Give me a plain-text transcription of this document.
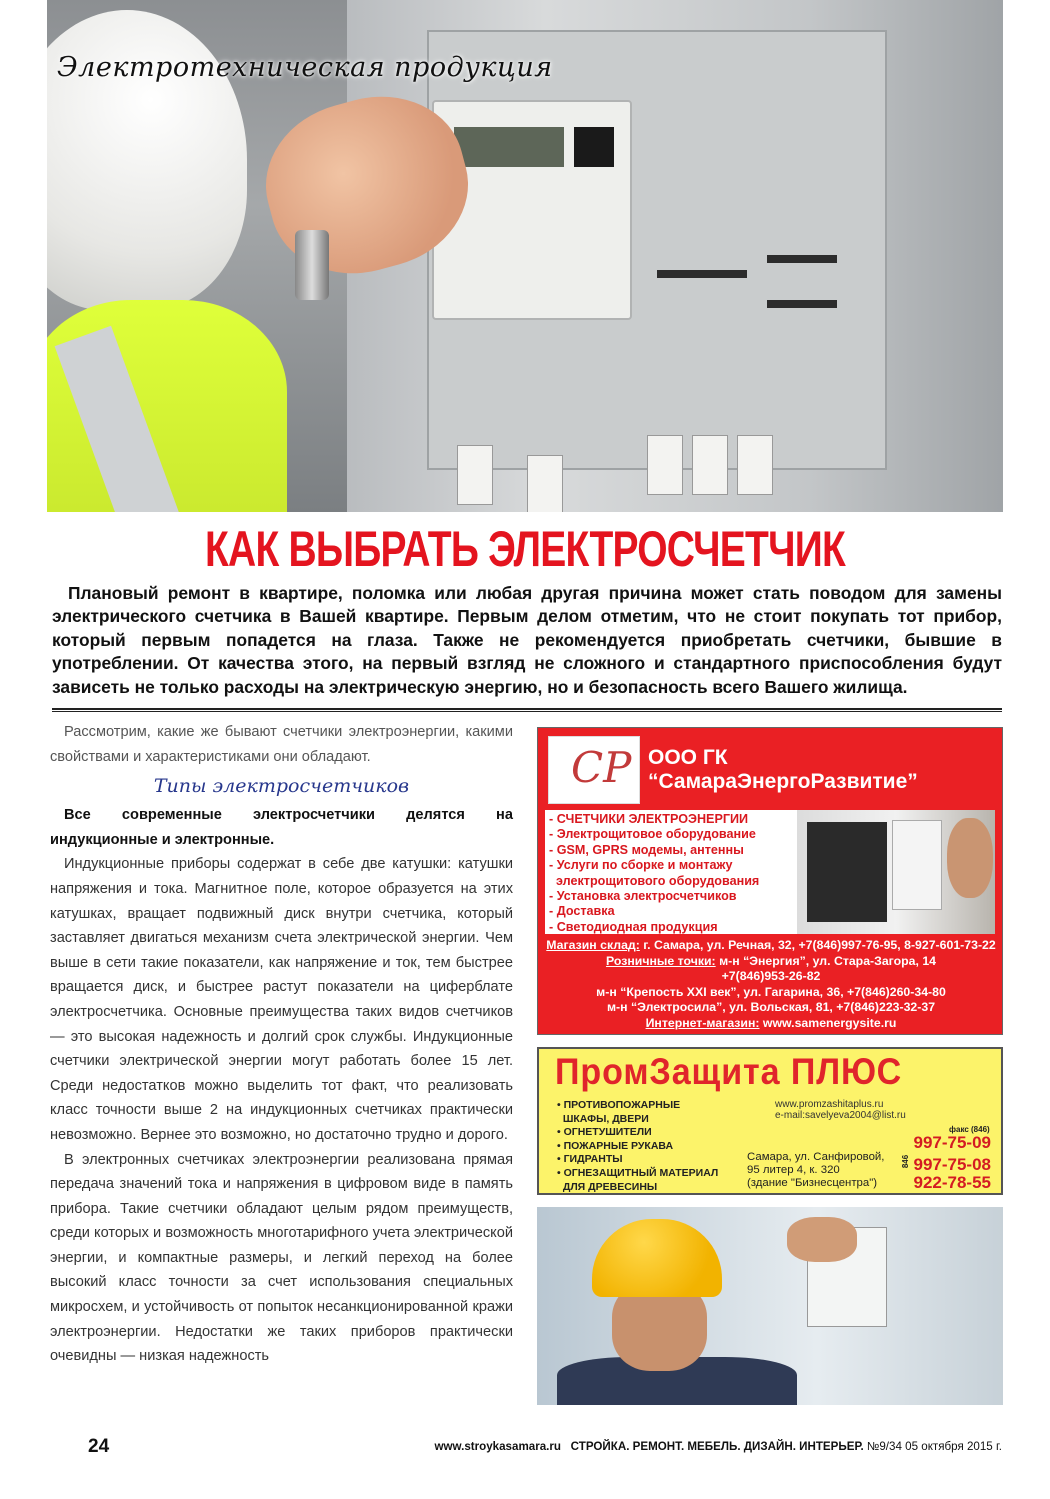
Электротехническая продукция
КАК ВЫБРАТЬ ЭЛЕКТРОСЧЕТЧИК

Плановый ремонт в квартире, поломка или любая другая причина может стать поводом для замены электрического счетчика в Вашей квартире. Первым делом отметим, что не стоит покупать тот прибор, который первым попадется на глаза. Также не рекомендуется приобретать счетчики, бывшие в употреблении. От качества этого, на первый взгляд не сложного и стандартного приспособления будут зависеть не только расходы на электрическую энергию, но и безопасность всего Вашего жилища.

Рассмотрим, какие же бывают счетчики электроэнергии, какими свойствами и характеристиками они обладают.

Типы электросчетчиков

Все современные электросчетчики делятся на индукционные и электронные.

Индукционные приборы содержат в себе две катушки: катушки напряжения и тока. Магнитное поле, которое образуется на этих катушках, вращает подвижный диск внутри счетчика, который заставляет двигаться механизм счета электрической энергии. Чем выше в сети такие показатели, как напряжение и ток, тем быстрее вращается диск, и быстрее растут показатели на циферблате электросчетчика. Основные преимущества таких видов счетчиков — это высокая надежность и долгий срок службы. Индукционные счетчики электрической энергии могут работать более 15 лет. Среди недостатков можно выделить тот факт, что реализовать класс точности выше 2 на индукционных счетчиках практически невозможно. Вернее это возможно, но достаточно трудно и дорого.

В электронных счетчиках электроэнергии реализована прямая передача значений тока и напряжения в цифровом виде в память прибора. Такие счетчики обладают целым рядом преимуществ, среди которых и возможность многотарифного учета электрической энергии, и компактные размеры, и легкий переход на более высокий класс точности за счет использования специальных микросхем, и устойчивость от попыток несанкционированной кражи электроэнергии. Недостатки же таких приборов практически очевидны — низкая надежность

СР ООО ГК “СамараЭнергоРазвитие”
- СЧЕТЧИКИ ЭЛЕКТРОЭНЕРГИИ
- Электрощитовое оборудование
- GSM, GPRS модемы, антенны
- Услуги по сборке и монтажу
электрощитового оборудования
- Установка электросчетчиков
- Доставка
- Светодиодная продукция
Магазин склад: г. Самара, ул. Речная, 32, +7(846)997-76-95, 8-927-601-73-22
Розничные точки: м-н “Энергия”, ул. Стара-Загора, 14
+7(846)953-26-82
м-н “Крепость XXI век”, ул. Гагарина, 36, +7(846)260-34-80
м-н “Электросила”, ул. Вольская, 81, +7(846)223-32-37
Интернет-магазин: www.samenergysite.ru
ПромЗащита ПЛЮС
• ПРОТИВОПОЖАРНЫЕ
ШКАФЫ, ДВЕРИ
• ОГНЕТУШИТЕЛИ
• ПОЖАРНЫЕ РУКАВА
• ГИДРАНТЫ
• ОГНЕЗАЩИТНЫЙ МАТЕРИАЛ
ДЛЯ ДРЕВЕСИНЫ
www.promzashitaplus.ru
e-mail:savelyeva2004@list.ru
факс (846)
997-75-09
997-75-08
922-78-55
Самара, ул. Санфировой,
95 литер 4, к. 320
(здание "Бизнесцентра")
846
24	www.stroykasamara.ru СТРОЙКА. РЕМОНТ. МЕБЕЛЬ. ДИЗАЙН. ИНТЕРЬЕР. №9/34 05 октября 2015 г.
